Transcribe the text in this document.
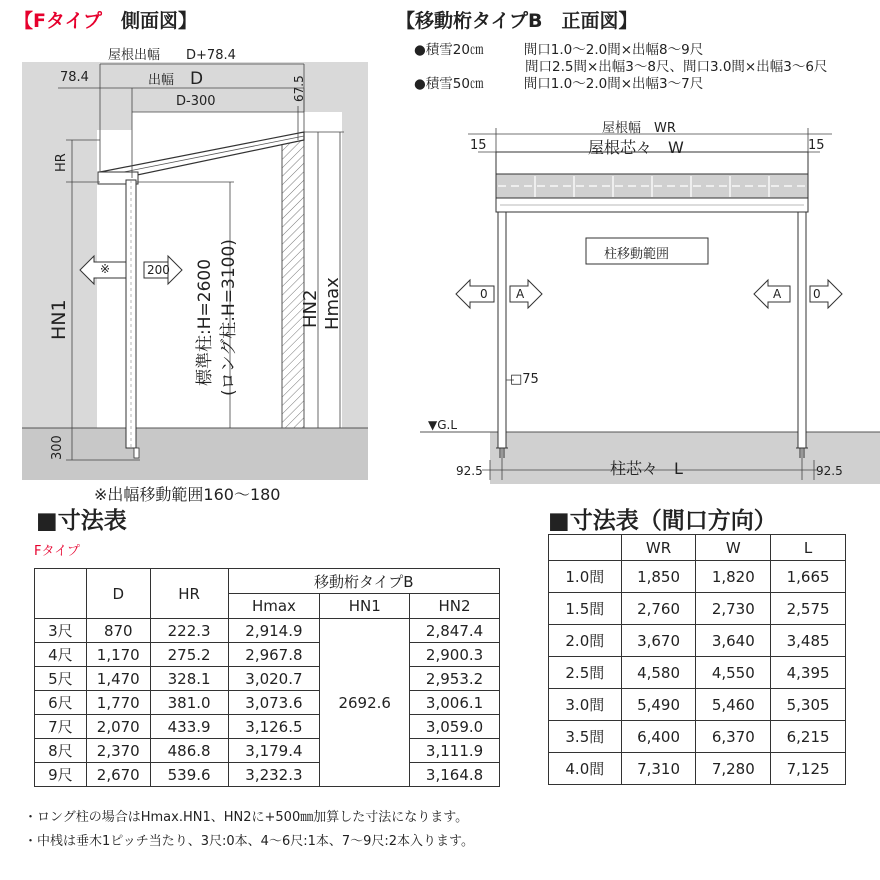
【Fタイプ　側面図】
屋根出幅　　 D+78.4
78.4	出幅　 D
D-300	67.5
HR
HN1	HN2 Hmax
※	200 標準柱:H=2600 (ロング柱:H=3100)
300
※出幅移動範囲160〜180
【移動桁タイプB　正面図】
●積雪20㎝	間口1.0〜2.0間×出幅8〜9尺
間口2.5間×出幅3〜8尺、間口3.0間×出幅3〜6尺
●積雪50㎝	間口1.0〜2.0間×出幅3〜7尺
屋根幅　WR
屋根芯々　W
15	15
柱移動範囲
0 A	A	0
□75
▼G.L
柱芯々　L
92.5	92.5
■寸法表
Fタイプ
	D	HR	移動桁タイプB		
			Hmax	HN1	HN2
3尺	870	222.3	2,914.9	2692.6	2,847.4
4尺	1,170	275.2	2,967.8		2,900.3
5尺	1,470	328.1	3,020.7		2,953.2
6尺	1,770	381.0	3,073.6		3,006.1
7尺	2,070	433.9	3,126.5		3,059.0
8尺	2,370	486.8	3,179.4		3,111.9
9尺	2,670	539.6	3,232.3		3,164.8
■寸法表（間口方向）
	WR	W	L
1.0間	1,850	1,820	1,665
1.5間	2,760	2,730	2,575
2.0間	3,670	3,640	3,485
2.5間	4,580	4,550	4,395
3.0間	5,490	5,460	5,305
3.5間	6,400	6,370	6,215
4.0間	7,310	7,280	7,125
・ロング柱の場合はHmax.HN1、HN2に+500㎜加算した寸法になります。
・中桟は垂木1ピッチ当たり、3尺:0本、4〜6尺:1本、7〜9尺:2本入ります。
